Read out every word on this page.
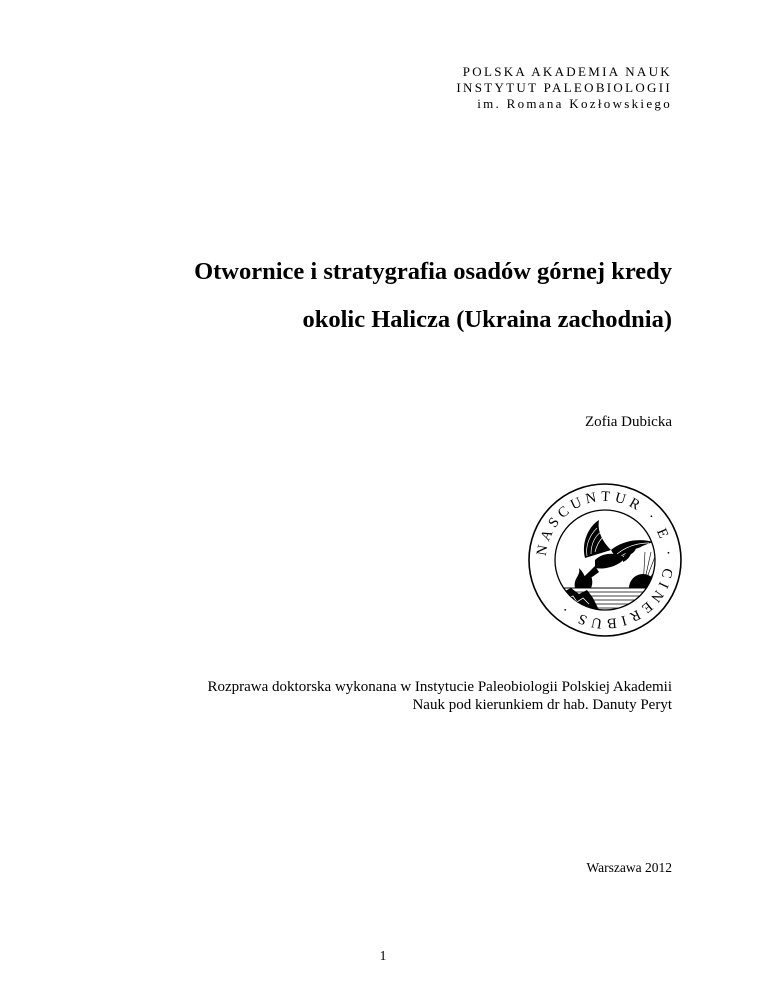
POLSKA AKADEMIA NAUK
INSTYTUT PALEOBIOLOGII
im. Romana Kozłowskiego
Otwornice i stratygrafia osadów górnej kredy
okolic Halicza (Ukraina zachodnia)
Zofia Dubicka
NASCUNTUR · E · CINERIBUS ·
Rozprawa doktorska wykonana w Instytucie Paleobiologii Polskiej Akademii
Nauk pod kierunkiem dr hab. Danuty Peryt
Warszawa 2012
1
